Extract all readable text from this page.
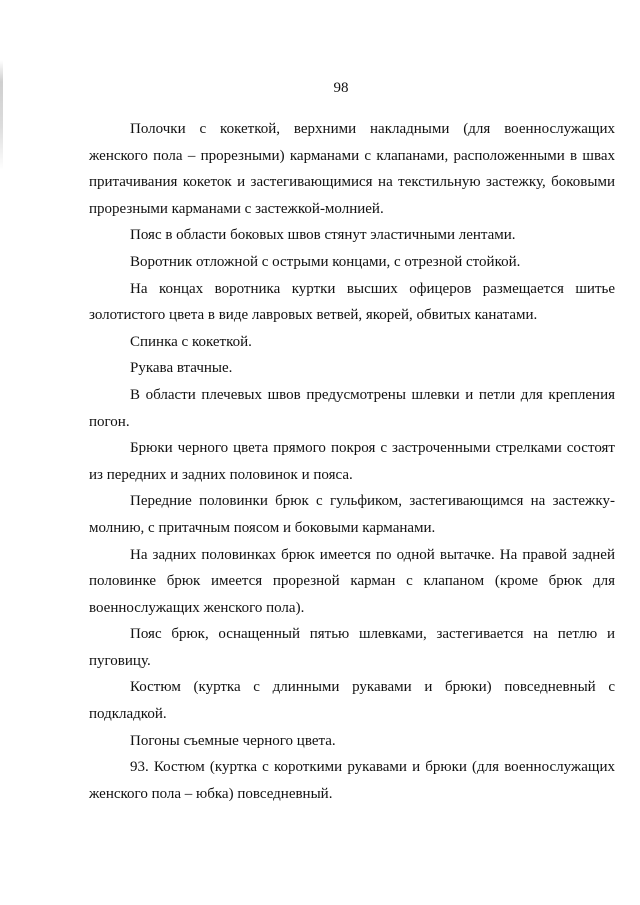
98

Полочки с кокеткой, верхними накладными (для военнослужащих женского пола – прорезными) карманами с клапанами, расположенными в швах притачивания кокеток и застегивающимися на текстильную застежку, боковыми прорезными карманами с застежкой-молнией.

Пояс в области боковых швов стянут эластичными лентами.

Воротник отложной с острыми концами, с отрезной стойкой.

На концах воротника куртки высших офицеров размещается шитье золотистого цвета в виде лавровых ветвей, якорей, обвитых канатами.

Спинка с кокеткой.

Рукава втачные.

В области плечевых швов предусмотрены шлевки и петли для крепления погон.

Брюки черного цвета прямого покроя с застроченными стрелками состоят из передних и задних половинок и пояса.

Передние половинки брюк с гульфиком, застегивающимся на застежку-молнию, с притачным поясом и боковыми карманами.

На задних половинках брюк имеется по одной вытачке. На правой задней половинке брюк имеется прорезной карман с клапаном (кроме брюк для военнослужащих женского пола).

Пояс брюк, оснащенный пятью шлевками, застегивается на петлю и пуговицу.

Костюм (куртка с длинными рукавами и брюки) повседневный с подкладкой.

Погоны съемные черного цвета.

93. Костюм (куртка с короткими рукавами и брюки (для военнослужащих женского пола – юбка) повседневный.
